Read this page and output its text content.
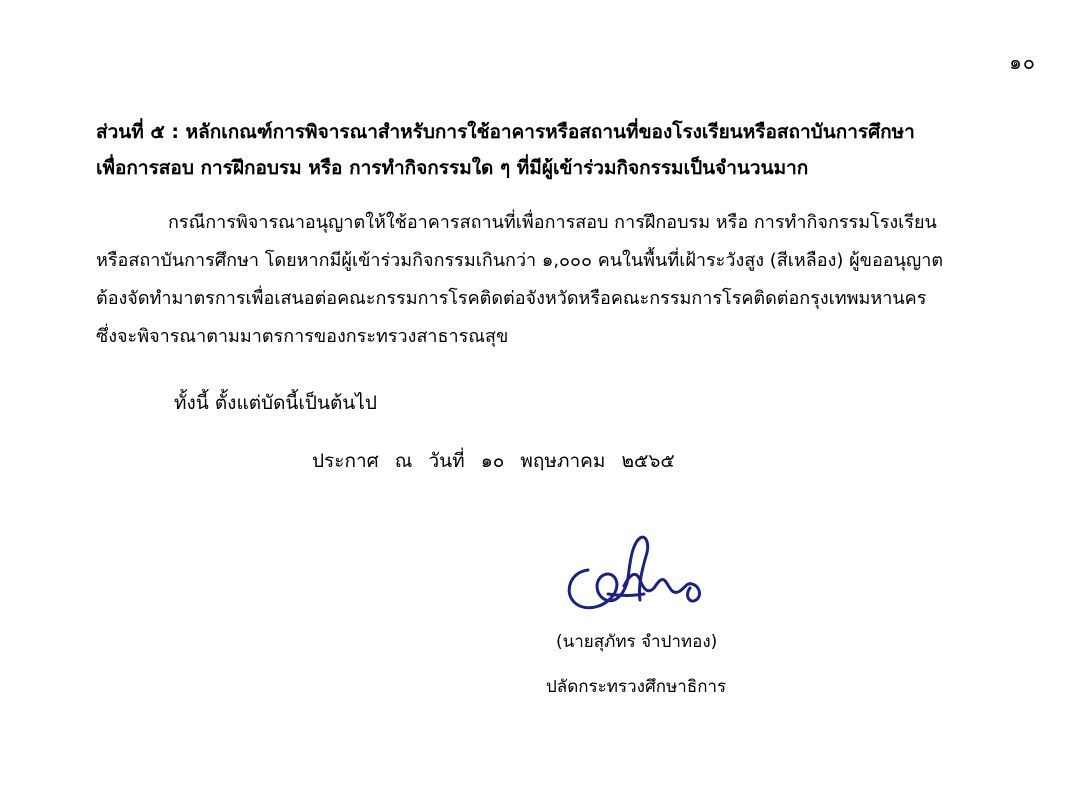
๑๐
ส่วนที่ ๕ : หลักเกณฑ์การพิจารณาสำหรับการใช้อาคารหรือสถานที่ของโรงเรียนหรือสถาบันการศึกษา
เพื่อการสอบ การฝึกอบรม หรือ การทำกิจกรรมใด ๆ ที่มีผู้เข้าร่วมกิจกรรมเป็นจำนวนมาก
กรณีการพิจารณาอนุญาตให้ใช้อาคารสถานที่เพื่อการสอบ การฝึกอบรม หรือ การทำกิจกรรมโรงเรียน
หรือสถาบันการศึกษา โดยหากมีผู้เข้าร่วมกิจกรรมเกินกว่า ๑,๐๐๐ คนในพื้นที่เฝ้าระวังสูง (สีเหลือง) ผู้ขออนุญาต
ต้องจัดทำมาตรการเพื่อเสนอต่อคณะกรรมการโรคติดต่อจังหวัดหรือคณะกรรมการโรคติดต่อกรุงเทพมหานคร
ซึ่งจะพิจารณาตามมาตรการของกระทรวงสาธารณสุข
ทั้งนี้ ตั้งแต่บัดนี้เป็นต้นไป
ประกาศ ณ วันที่ ๑๐ พฤษภาคม ๒๕๖๕
(นายสุภัทร จำปาทอง)
ปลัดกระทรวงศึกษาธิการ
